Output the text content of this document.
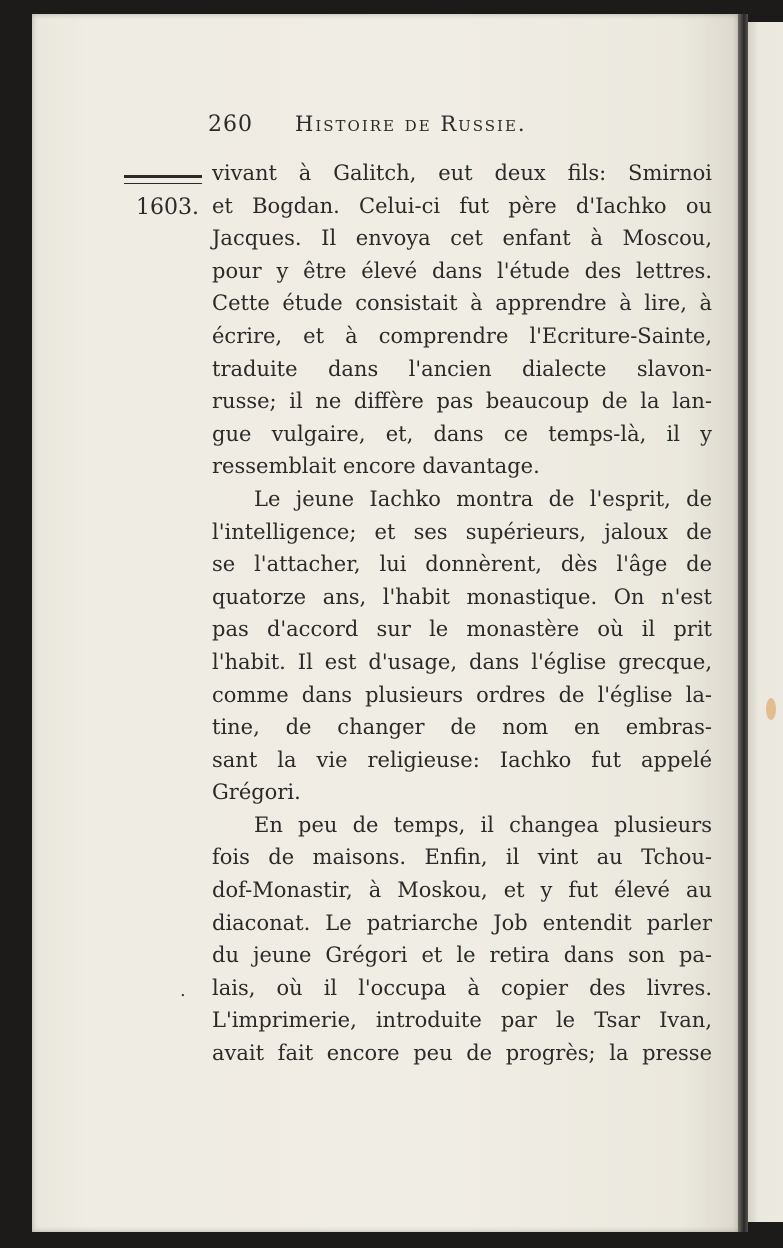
260 Histoire de Russie.
1603.
vivant à Galitch, eut deux fils: Smirnoi
et Bogdan. Celui-ci fut père d'Iachko ou
Jacques. Il envoya cet enfant à Moscou,
pour y être élevé dans l'étude des lettres.
Cette étude consistait à apprendre à lire, à
écrire, et à comprendre l'Ecriture-Sainte,
traduite dans l'ancien dialecte slavon-
russe; il ne diffère pas beaucoup de la lan-
gue vulgaire, et, dans ce temps-là, il y
ressemblait encore davantage.
Le jeune Iachko montra de l'esprit, de
l'intelligence; et ses supérieurs, jaloux de
se l'attacher, lui donnèrent, dès l'âge de
quatorze ans, l'habit monastique. On n'est
pas d'accord sur le monastère où il prit
l'habit. Il est d'usage, dans l'église grecque,
comme dans plusieurs ordres de l'église la-
tine, de changer de nom en embras-
sant la vie religieuse: Iachko fut appelé
Grégori.
En peu de temps, il changea plusieurs
fois de maisons. Enfin, il vint au Tchou-
dof-Monastir, à Moskou, et y fut élevé au
diaconat. Le patriarche Job entendit parler
du jeune Grégori et le retira dans son pa-
lais, où il l'occupa à copier des livres.
L'imprimerie, introduite par le Tsar Ivan,
avait fait encore peu de progrès; la presse
.
